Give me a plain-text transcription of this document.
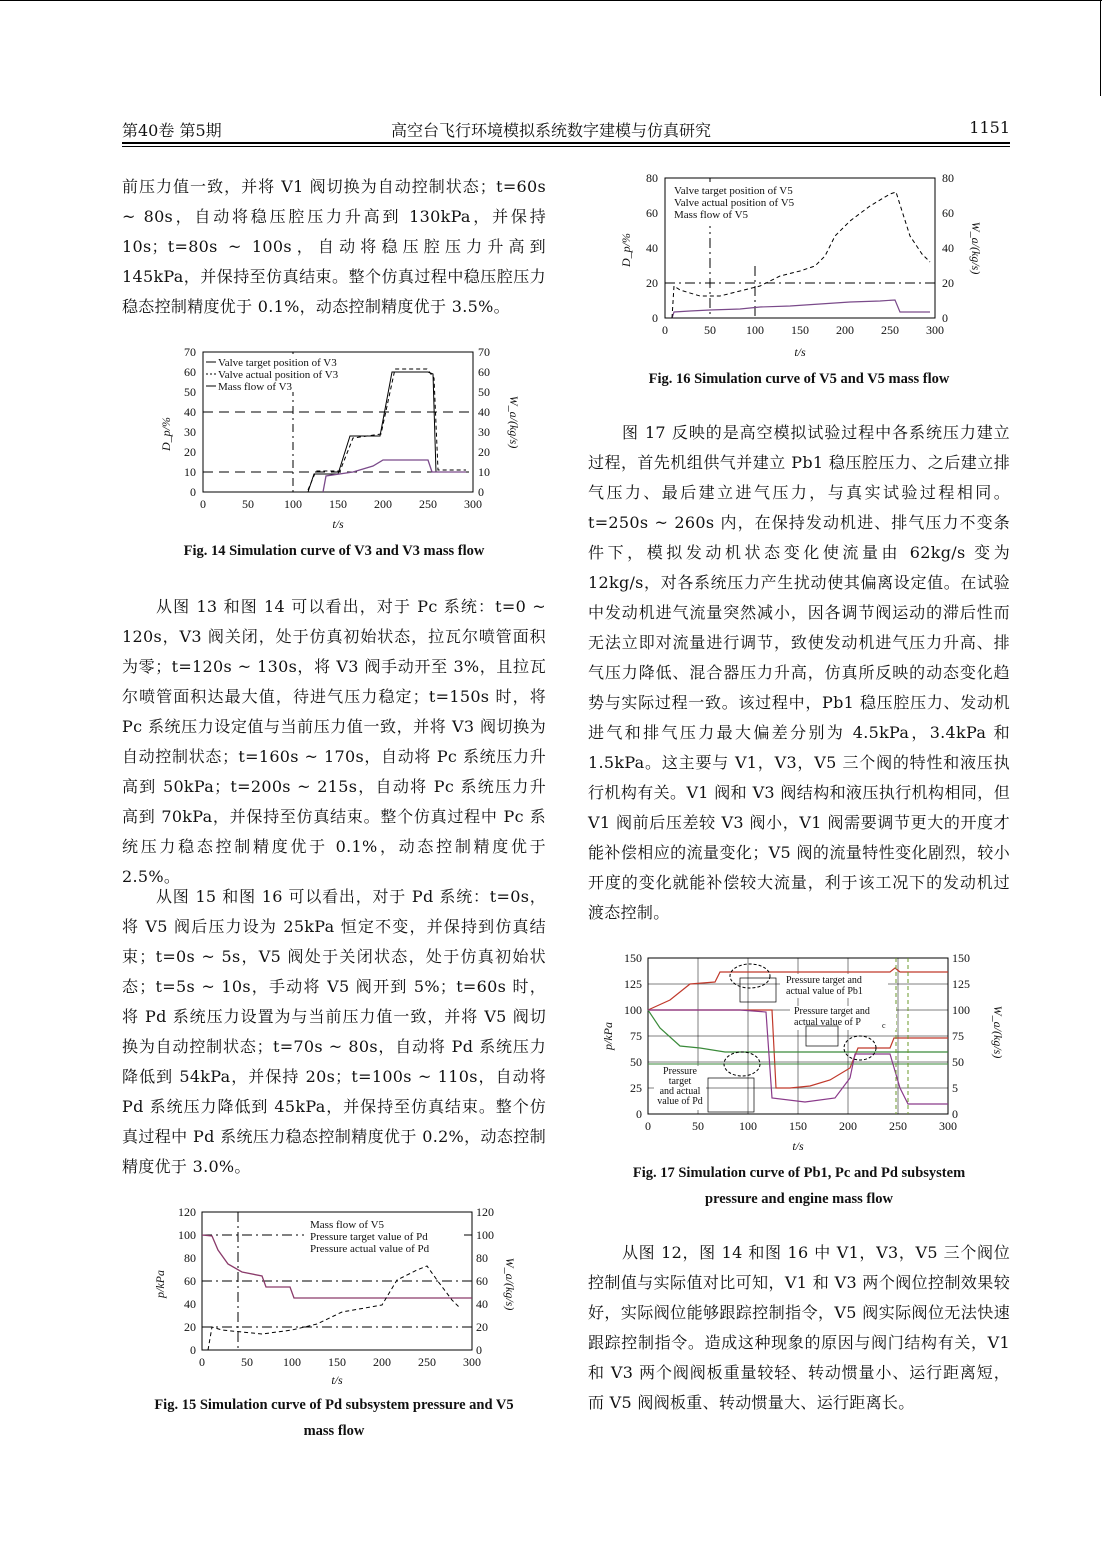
第40卷 第5期	高空台飞行环境模拟系统数字建模与仿真研究	1151

前压力值一致，并将 V1 阀切换为自动控制状态；t=60s ~ 80s，自动将稳压腔压力升高到 130kPa，并保持 10s；t=80s ~ 100s，自动将稳压腔压力升高到 145kPa，并保持至仿真结束。整个仿真过程中稳压腔压力稳态控制精度优于 0.1%，动态控制精度优于 3.5%。

0
10
20
30
40
50
60
70
0
10
20
30
40
50
60
70
0	50	100 150 200 250 300
t/s
D_p/%	W_a/(kg/s)
Valve target position of V3
Valve actual position of V3
Mass flow of V3
Fig. 14 Simulation curve of V3 and V3 mass flow

从图 13 和图 14 可以看出，对于 Pc 系统：t=0 ~ 120s，V3 阀关闭，处于仿真初始状态，拉瓦尔喷管面积为零；t=120s ~ 130s，将 V3 阀手动开至 3%，且拉瓦尔喷管面积达最大值，待进气压力稳定；t=150s 时，将 Pc 系统压力设定值与当前压力值一致，并将 V3 阀切换为自动控制状态；t=160s ~ 170s，自动将 Pc 系统压力升高到 50kPa；t=200s ~ 215s，自动将 Pc 系统压力升高到 70kPa，并保持至仿真结束。整个仿真过程中 Pc 系统压力稳态控制精度优于 0.1%，动态控制精度优于 2.5%。

从图 15 和图 16 可以看出，对于 Pd 系统：t=0s，将 V5 阀后压力设为 25kPa 恒定不变，并保持到仿真结束；t=0s ~ 5s，V5 阀处于关闭状态，处于仿真初始状态；t=5s ~ 10s，手动将 V5 阀开到 5%；t=60s 时，将 Pd 系统压力设置为与当前压力值一致，并将 V5 阀切换为自动控制状态；t=70s ~ 80s，自动将 Pd 系统压力降低到 54kPa，并保持 20s；t=100s ~ 110s，自动将 Pd 系统压力降低到 45kPa，并保持至仿真结束。整个仿真过程中 Pd 系统压力稳态控制精度优于 0.2%，动态控制精度优于 3.0%。

0
20
40
60
80
100
120
0
20
40
60
80
100
120
0	50	100 150 200 250 300
t/s
p/kPa	W_a/(kg/s)
Mass flow of V5
Pressure target value of Pd
Pressure actual value of Pd
Fig. 15 Simulation curve of Pd subsystem pressure and V5
mass flow
0
20
40
60
80
0
20
40
60
80
0	50	100 150 200 250 300
t/s
D_p/%	W_a/(kg/s)
Valve target position of V5
Valve actual position of V5
Mass flow of V5
Fig. 16 Simulation curve of V5 and V5 mass flow

图 17 反映的是高空模拟试验过程中各系统压力建立过程，首先机组供气并建立 Pb1 稳压腔压力、之后建立排气压力、最后建立进气压力，与真实试验过程相同。t=250s ~ 260s 内，在保持发动机进、排气压力不变条件下，模拟发动机状态变化使流量由 62kg/s 变为 12kg/s，对各系统压力产生扰动使其偏离设定值。在试验中发动机进气流量突然减小，因各调节阀运动的滞后性而无法立即对流量进行调节，致使发动机进气压力升高、排气压力降低、混合器压力升高，仿真所反映的动态变化趋势与实际过程一致。该过程中，Pb1 稳压腔压力、发动机进气和排气压力最大偏差分别为 4.5kPa，3.4kPa 和 1.5kPa。这主要与 V1，V3，V5 三个阀的特性和液压执行机构有关。V1 阀和 V3 阀结构和液压执行机构相同，但 V1 阀前后压差较 V3 阀小，V1 阀需要调节更大的开度才能补偿相应的流量变化；V5 阀的流量特性变化剧烈，较小开度的变化就能补偿较大流量，利于该工况下的发动机过渡态控制。

0
25
50
75
100
125
150
0
5
50
75
100
125
150
0	50	100	150	200	250	300
t/s
p/kPa	W_a/(kg/s)
Pressure target and
actual value of Pb1
Pressure target and
actual value of P	c
Pressure
target
and actual
value of Pd
Fig. 17 Simulation curve of Pb1, Pc and Pd subsystem
pressure and engine mass flow

从图 12，图 14 和图 16 中 V1，V3，V5 三个阀位控制值与实际值对比可知，V1 和 V3 两个阀位控制效果较好，实际阀位能够跟踪控制指令，V5 阀实际阀位无法快速跟踪控制指令。造成这种现象的原因与阀门结构有关，V1 和 V3 两个阀阀板重量较轻、转动惯量小、运行距离短，而 V5 阀阀板重、转动惯量大、运行距离长。
